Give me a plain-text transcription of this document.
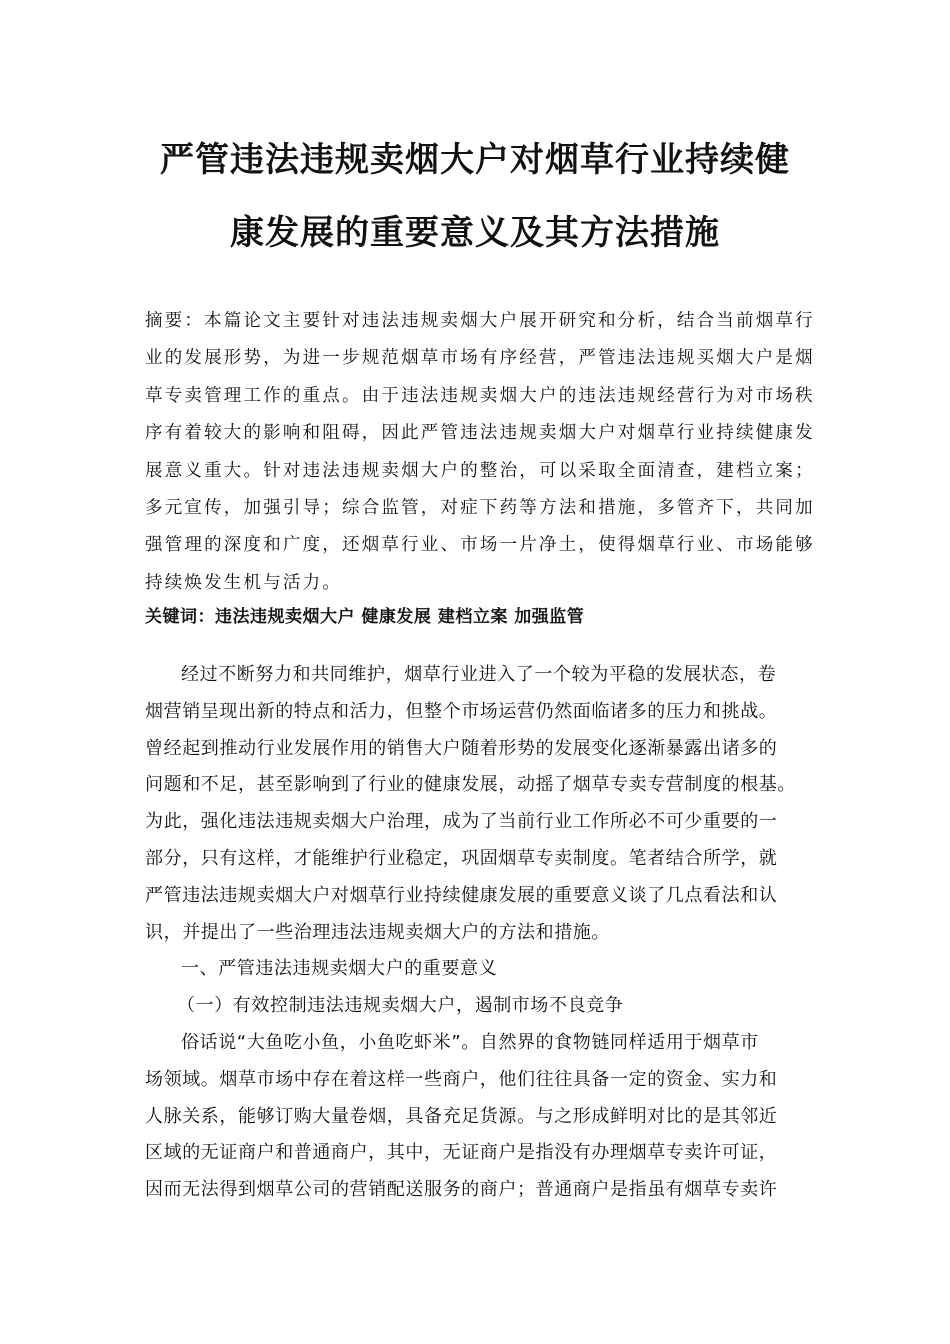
严管违法违规卖烟大户对烟草行业持续健
康发展的重要意义及其方法措施
摘要：本篇论文主要针对违法违规卖烟大户展开研究和分析，结合当前烟草行
业的发展形势，为进一步规范烟草市场有序经营，严管违法违规买烟大户是烟
草专卖管理工作的重点。由于违法违规卖烟大户的违法违规经营行为对市场秩
序有着较大的影响和阻碍，因此严管违法违规卖烟大户对烟草行业持续健康发
展意义重大。针对违法违规卖烟大户的整治，可以采取全面清查，建档立案；
多元宣传，加强引导；综合监管，对症下药等方法和措施，多管齐下，共同加
强管理的深度和广度，还烟草行业、市场一片净土，使得烟草行业、市场能够
持续焕发生机与活力。
关键词：违法违规卖烟大户 健康发展 建档立案 加强监管
经过不断努力和共同维护，烟草行业进入了一个较为平稳的发展状态，卷
烟营销呈现出新的特点和活力，但整个市场运营仍然面临诸多的压力和挑战。
曾经起到推动行业发展作用的销售大户随着形势的发展变化逐渐暴露出诸多的
问题和不足，甚至影响到了行业的健康发展，动摇了烟草专卖专营制度的根基。
为此，强化违法违规卖烟大户治理，成为了当前行业工作所必不可少重要的一
部分，只有这样，才能维护行业稳定，巩固烟草专卖制度。笔者结合所学，就
严管违法违规卖烟大户对烟草行业持续健康发展的重要意义谈了几点看法和认
识，并提出了一些治理违法违规卖烟大户的方法和措施。
一、严管违法违规卖烟大户的重要意义
（一）有效控制违法违规卖烟大户，遏制市场不良竞争
俗话说“大鱼吃小鱼，小鱼吃虾米”。自然界的食物链同样适用于烟草市
场领域。烟草市场中存在着这样一些商户，他们往往具备一定的资金、实力和
人脉关系，能够订购大量卷烟，具备充足货源。与之形成鲜明对比的是其邻近
区域的无证商户和普通商户，其中，无证商户是指没有办理烟草专卖许可证，
因而无法得到烟草公司的营销配送服务的商户；普通商户是指虽有烟草专卖许
